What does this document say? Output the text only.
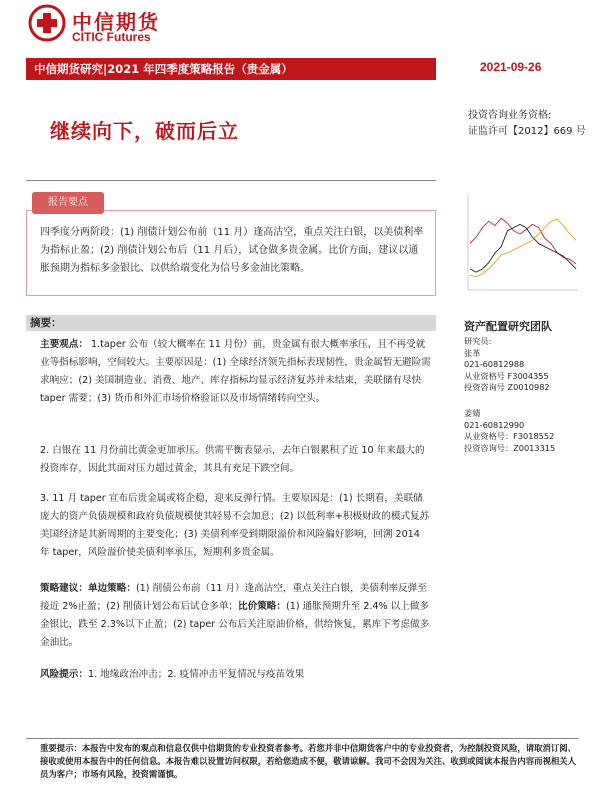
中信期货
CITIC Futures
中信期货研究|2021 年四季度策略报告（贵金属）	2021-09-26
继续向下，破而后立
投资咨询业务资格:
证监许可【2012】669 号
报告要点
四季度分两阶段：(1) 削债计划公布前（11 月）逢高沽空，重点关注白银，以美债利率为指标止盈；(2) 削债计划公布后（11 月后），试仓做多贵金属。比价方面，建议以通胀预期为指标多金银比、以供给端变化为信号多金油比策略。
摘要：
主要观点： 1.taper 公布（较大概率在 11 月份）前，贵金属有很大概率承压，且不再受就业等指标影响，空间较大。主要原因是：(1) 全球经济领先指标表现韧性，贵金属暂无避险需求响应；(2) 美国制造业、消费、地产、库存指标均显示经济复苏并未结束，美联储有尽快 taper 需要；(3) 货币和外汇市场价格验证以及市场情绪转向空头。
2. 白银在 11 月份前比黄金更加承压。供需平衡表显示，去年白银累积了近 10 年来最大的投资库存，因此其面对压力超过黄金，其具有充足下跌空间。
3. 11 月 taper 宣布后贵金属或将企稳，迎来反弹行情。主要原因是：(1) 长期看，美联储庞大的资产负债规模和政府负债规模使其轻易不会加息；(2) 以低利率+积极财政的模式复苏美国经济是其新周期的主要变化；(3) 美债利率受到期限溢价和风险偏好影响，回溯 2014 年 taper，风险溢价使美债利率承压，短期利多贵金属。
策略建议：单边策略：(1) 削债公布前（11 月）逢高沽空，重点关注白银，美债利率反弹至接近 2%止盈；(2) 削债计划公布后试仓多单；比价策略：(1) 通胀预期升至 2.4% 以上做多金银比，跌至 2.3%以下止盈；(2) taper 公布后关注原油价格，供给恢复，累库下考虑做多金油比。
风险提示：1. 地缘政治冲击；2. 疫情冲击平复情况与疫苗效果
资产配置研究团队
研究员:
张革
021-60812988
从业资格号 F3004355
投资咨询号 Z0010982
姜婧
021-60812990
从业资格号：F3018552
投资咨询号：Z0013315
重要提示：本报告中发布的观点和信息仅供中信期货的专业投资者参考。若您并非中信期货客户中的专业投资者，为控制投资风险，请取消订阅、接收或使用本报告中的任何信息。本报告难以设置访问权限，若给您造成不便，敬请谅解。我司不会因为关注、收到或阅读本报告内容而视相关人员为客户；市场有风险，投资需谨慎。
